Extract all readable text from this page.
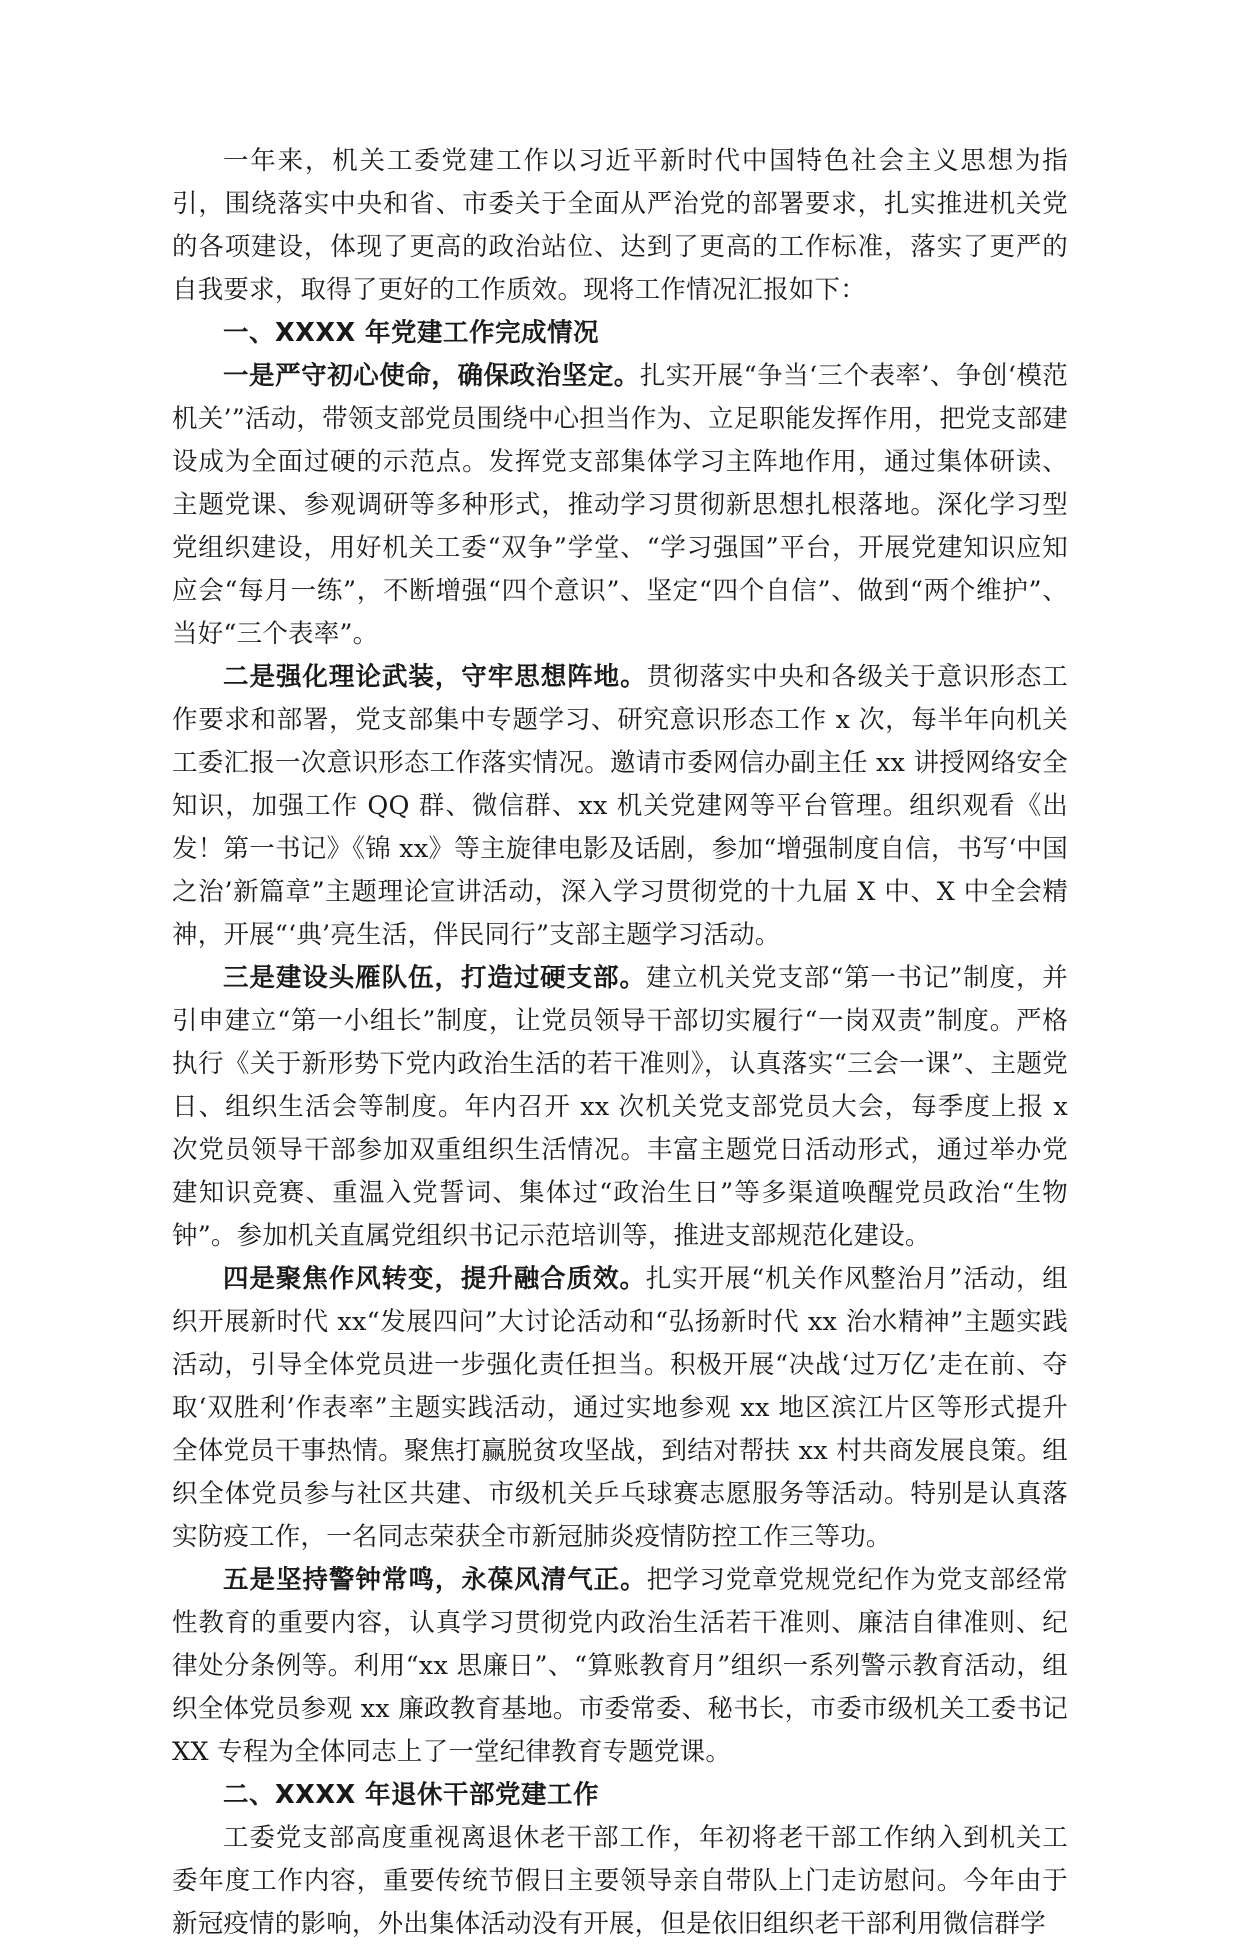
一年来，机关工委党建工作以习近平新时代中国特色社会主义思想为指引，围绕落实中央和省、市委关于全面从严治党的部署要求，扎实推进机关党的各项建设，体现了更高的政治站位、达到了更高的工作标准，落实了更严的自我要求，取得了更好的工作质效。现将工作情况汇报如下：

一、XXXX 年党建工作完成情况

一是严守初心使命，确保政治坚定。扎实开展“争当‘三个表率’、争创‘模范机关’”活动，带领支部党员围绕中心担当作为、立足职能发挥作用，把党支部建设成为全面过硬的示范点。发挥党支部集体学习主阵地作用，通过集体研读、主题党课、参观调研等多种形式，推动学习贯彻新思想扎根落地。深化学习型党组织建设，用好机关工委“双争”学堂、“学习强国”平台，开展党建知识应知应会“每月一练”，不断增强“四个意识”、坚定“四个自信”、做到“两个维护”、当好“三个表率”。

二是强化理论武装，守牢思想阵地。贯彻落实中央和各级关于意识形态工作要求和部署，党支部集中专题学习、研究意识形态工作 x 次，每半年向机关工委汇报一次意识形态工作落实情况。邀请市委网信办副主任 xx 讲授网络安全知识，加强工作 QQ 群、微信群、xx 机关党建网等平台管理。组织观看《出发！第一书记》《锦 xx》等主旋律电影及话剧，参加“增强制度自信，书写‘中国之治’新篇章”主题理论宣讲活动，深入学习贯彻党的十九届 X 中、X 中全会精神，开展“‘典’亮生活，伴民同行”支部主题学习活动。

三是建设头雁队伍，打造过硬支部。建立机关党支部“第一书记”制度，并引申建立“第一小组长”制度，让党员领导干部切实履行“一岗双责”制度。严格执行《关于新形势下党内政治生活的若干准则》，认真落实“三会一课”、主题党日、组织生活会等制度。年内召开 xx 次机关党支部党员大会，每季度上报 x 次党员领导干部参加双重组织生活情况。丰富主题党日活动形式，通过举办党建知识竞赛、重温入党誓词、集体过“政治生日”等多渠道唤醒党员政治“生物钟”。参加机关直属党组织书记示范培训等，推进支部规范化建设。

四是聚焦作风转变，提升融合质效。扎实开展“机关作风整治月”活动，组织开展新时代 xx“发展四问”大讨论活动和“弘扬新时代 xx 治水精神”主题实践活动，引导全体党员进一步强化责任担当。积极开展“决战‘过万亿’走在前、夺取‘双胜利’作表率”主题实践活动，通过实地参观 xx 地区滨江片区等形式提升全体党员干事热情。聚焦打赢脱贫攻坚战，到结对帮扶 xx 村共商发展良策。组织全体党员参与社区共建、市级机关乒乓球赛志愿服务等活动。特别是认真落实防疫工作，一名同志荣获全市新冠肺炎疫情防控工作三等功。

五是坚持警钟常鸣，永葆风清气正。把学习党章党规党纪作为党支部经常性教育的重要内容，认真学习贯彻党内政治生活若干准则、廉洁自律准则、纪律处分条例等。利用“xx 思廉日”、“算账教育月”组织一系列警示教育活动，组织全体党员参观 xx 廉政教育基地。市委常委、秘书长，市委市级机关工委书记 XX 专程为全体同志上了一堂纪律教育专题党课。

二、XXXX 年退休干部党建工作

工委党支部高度重视离退休老干部工作，年初将老干部工作纳入到机关工委年度工作内容，重要传统节假日主要领导亲自带队上门走访慰问。今年由于新冠疫情的影响，外出集体活动没有开展，但是依旧组织老干部利用微信群学
